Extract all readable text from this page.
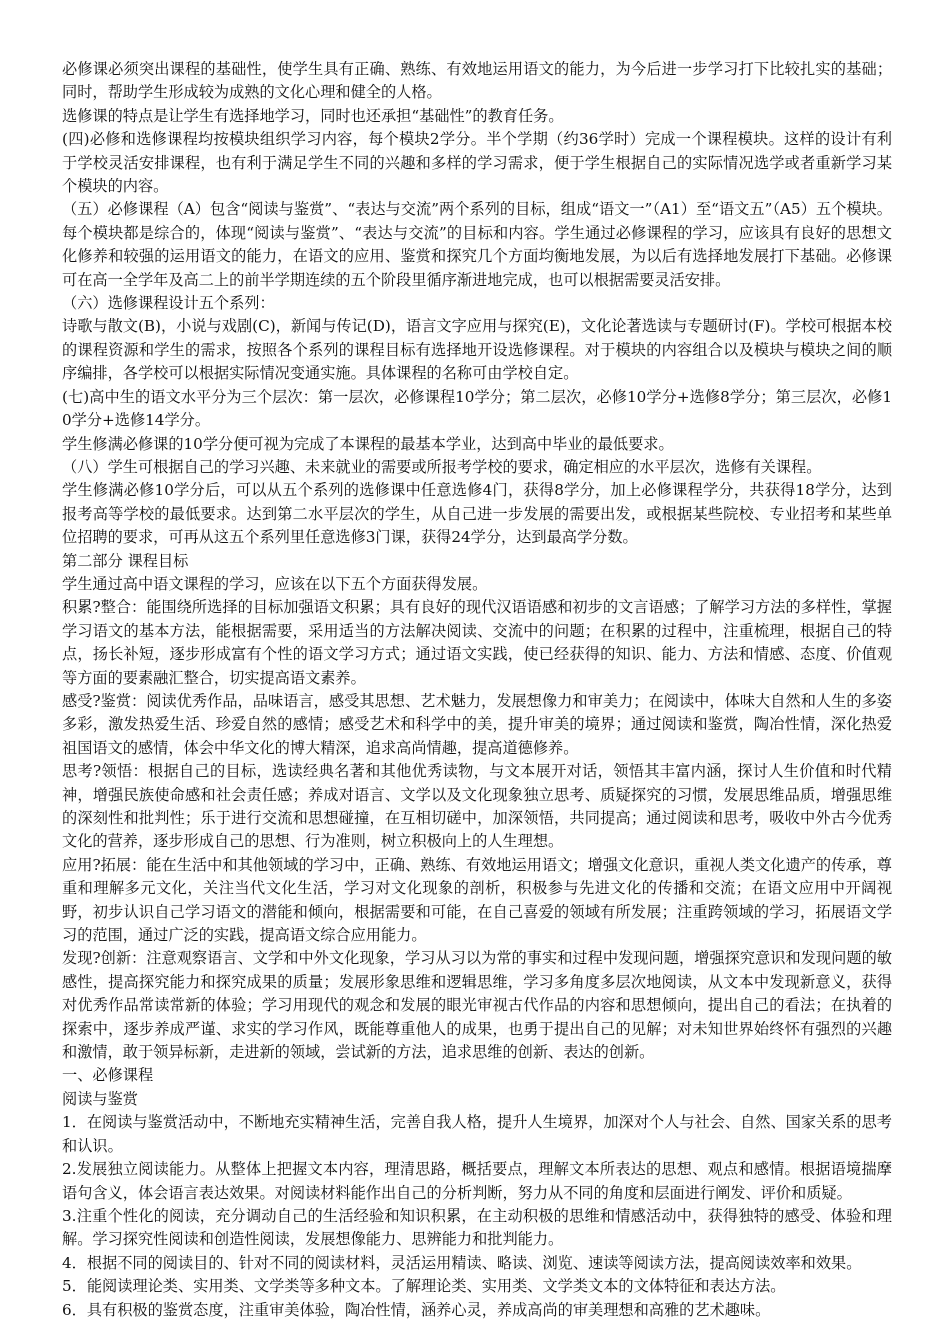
必修课必须突出课程的基础性，使学生具有正确、熟练、有效地运用语文的能力，为今后进一步学习打下比较扎实的基础；同时，帮助学生形成较为成熟的文化心理和健全的人格。

选修课的特点是让学生有选择地学习，同时也还承担“基础性”的教育任务。

(四)必修和选修课程均按模块组织学习内容，每个模块2学分。半个学期（约36学时）完成一个课程模块。这样的设计有利于学校灵活安排课程，也有利于满足学生不同的兴趣和多样的学习需求，便于学生根据自己的实际情况选学或者重新学习某个模块的内容。

（五）必修课程（A）包含“阅读与鉴赏”、“表达与交流”两个系列的目标，组成“语文一”（A1）至“语文五”（A5）五个模块。每个模块都是综合的，体现“阅读与鉴赏”、“表达与交流”的目标和内容。学生通过必修课程的学习，应该具有良好的思想文化修养和较强的运用语文的能力，在语文的应用、鉴赏和探究几个方面均衡地发展，为以后有选择地发展打下基础。必修课可在高一全学年及高二上的前半学期连续的五个阶段里循序渐进地完成，也可以根据需要灵活安排。

（六）选修课程设计五个系列：

诗歌与散文(B)，小说与戏剧(C)，新闻与传记(D)，语言文字应用与探究(E)，文化论著选读与专题研讨(F)。学校可根据本校的课程资源和学生的需求，按照各个系列的课程目标有选择地开设选修课程。对于模块的内容组合以及模块与模块之间的顺序编排，各学校可以根据实际情况变通实施。具体课程的名称可由学校自定。

(七)高中生的语文水平分为三个层次：第一层次，必修课程10学分；第二层次，必修10学分+选修8学分；第三层次，必修10学分+选修14学分。

学生修满必修课的10学分便可视为完成了本课程的最基本学业，达到高中毕业的最低要求。

（八）学生可根据自己的学习兴趣、未来就业的需要或所报考学校的要求，确定相应的水平层次，选修有关课程。

学生修满必修10学分后，可以从五个系列的选修课中任意选修4门，获得8学分，加上必修课程学分，共获得18学分，达到报考高等学校的最低要求。达到第二水平层次的学生，从自己进一步发展的需要出发，或根据某些院校、专业招考和某些单位招聘的要求，可再从这五个系列里任意选修3门课，获得24学分，达到最高学分数。

第二部分 课程目标

学生通过高中语文课程的学习，应该在以下五个方面获得发展。

积累?整合：能围绕所选择的目标加强语文积累；具有良好的现代汉语语感和初步的文言语感；了解学习方法的多样性，掌握学习语文的基本方法，能根据需要，采用适当的方法解决阅读、交流中的问题；在积累的过程中，注重梳理，根据自己的特点，扬长补短，逐步形成富有个性的语文学习方式；通过语文实践，使已经获得的知识、能力、方法和情感、态度、价值观等方面的要素融汇整合，切实提高语文素养。

感受?鉴赏：阅读优秀作品，品味语言，感受其思想、艺术魅力，发展想像力和审美力；在阅读中，体味大自然和人生的多姿多彩，激发热爱生活、珍爱自然的感情；感受艺术和科学中的美，提升审美的境界；通过阅读和鉴赏，陶冶性情，深化热爱祖国语文的感情，体会中华文化的博大精深，追求高尚情趣，提高道德修养。

思考?领悟：根据自己的目标，选读经典名著和其他优秀读物，与文本展开对话，领悟其丰富内涵，探讨人生价值和时代精神，增强民族使命感和社会责任感；养成对语言、文学以及文化现象独立思考、质疑探究的习惯，发展思维品质，增强思维的深刻性和批判性；乐于进行交流和思想碰撞，在互相切磋中，加深领悟，共同提高；通过阅读和思考，吸收中外古今优秀文化的营养，逐步形成自己的思想、行为准则，树立积极向上的人生理想。

应用?拓展：能在生活中和其他领域的学习中，正确、熟练、有效地运用语文；增强文化意识，重视人类文化遗产的传承，尊重和理解多元文化，关注当代文化生活，学习对文化现象的剖析，积极参与先进文化的传播和交流；在语文应用中开阔视野，初步认识自己学习语文的潜能和倾向，根据需要和可能，在自己喜爱的领域有所发展；注重跨领域的学习，拓展语文学习的范围，通过广泛的实践，提高语文综合应用能力。

发现?创新：注意观察语言、文学和中外文化现象，学习从习以为常的事实和过程中发现问题，增强探究意识和发现问题的敏感性，提高探究能力和探究成果的质量；发展形象思维和逻辑思维，学习多角度多层次地阅读，从文本中发现新意义，获得对优秀作品常读常新的体验；学习用现代的观念和发展的眼光审视古代作品的内容和思想倾向，提出自己的看法；在执着的探索中，逐步养成严谨、求实的学习作风，既能尊重他人的成果，也勇于提出自己的见解；对未知世界始终怀有强烈的兴趣和激情，敢于领异标新，走进新的领域，尝试新的方法，追求思维的创新、表达的创新。

一、必修课程

阅读与鉴赏

1．在阅读与鉴赏活动中，不断地充实精神生活，完善自我人格，提升人生境界，加深对个人与社会、自然、国家关系的思考和认识。

2.发展独立阅读能力。从整体上把握文本内容，理清思路，概括要点，理解文本所表达的思想、观点和感情。根据语境揣摩语句含义，体会语言表达效果。对阅读材料能作出自己的分析判断，努力从不同的角度和层面进行阐发、评价和质疑。

3.注重个性化的阅读，充分调动自己的生活经验和知识积累，在主动积极的思维和情感活动中，获得独特的感受、体验和理解。学习探究性阅读和创造性阅读，发展想像能力、思辨能力和批判能力。

4．根据不同的阅读目的、针对不同的阅读材料，灵活运用精读、略读、浏览、速读等阅读方法，提高阅读效率和效果。

5．能阅读理论类、实用类、文学类等多种文本。了解理论类、实用类、文学类文本的文体特征和表达方法。

6．具有积极的鉴赏态度，注重审美体验，陶冶性情，涵养心灵，养成高尚的审美理想和高雅的艺术趣味。
